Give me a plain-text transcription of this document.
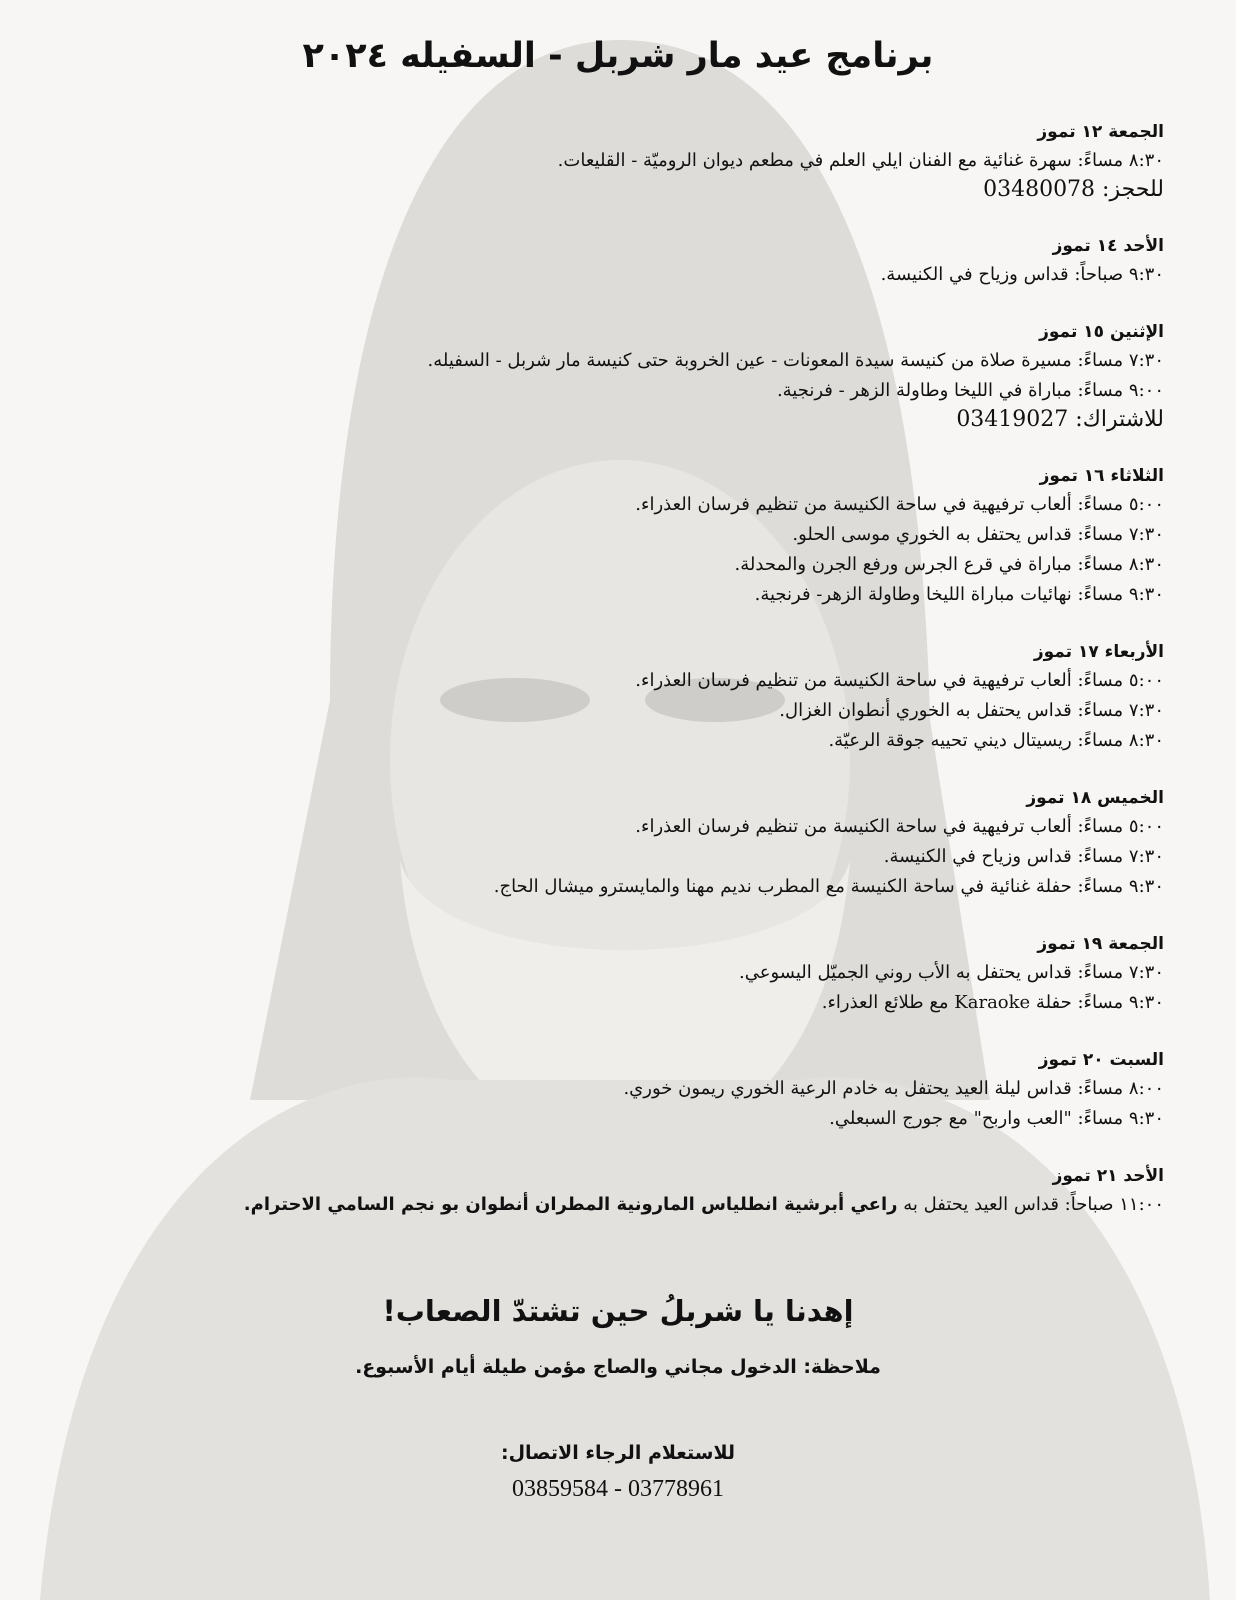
برنامج عيد مار شربل - السفيله ٢٠٢٤
الجمعة ١٢ تموز
٨:٣٠ مساءً: سهرة غنائية مع الفنان ايلي العلم في مطعم ديوان الروميّة - القليعات.
للحجز: 03480078
الأحد ١٤ تموز
٩:٣٠ صباحاً: قداس وزياح في الكنيسة.
الإثنين ١٥ تموز
٧:٣٠ مساءً: مسيرة صلاة من كنيسة سيدة المعونات - عين الخروبة حتى كنيسة مار شربل - السفيله.
٩:٠٠ مساءً: مباراة في الليخا وطاولة الزهر - فرنجية.
للاشتراك: 03419027
الثلاثاء ١٦ تموز
٥:٠٠ مساءً: ألعاب ترفيهية في ساحة الكنيسة من تنظيم فرسان العذراء.
٧:٣٠ مساءً: قداس يحتفل به الخوري موسى الحلو.
٨:٣٠ مساءً: مباراة في قرع الجرس ورفع الجرن والمحدلة.
٩:٣٠ مساءً: نهائيات مباراة الليخا وطاولة الزهر- فرنجية.
الأربعاء ١٧ تموز
٥:٠٠ مساءً: ألعاب ترفيهية في ساحة الكنيسة من تنظيم فرسان العذراء.
٧:٣٠ مساءً: قداس يحتفل به الخوري أنطوان الغزال.
٨:٣٠ مساءً: ريسيتال ديني تحييه جوقة الرعيّة.
الخميس ١٨ تموز
٥:٠٠ مساءً: ألعاب ترفيهية في ساحة الكنيسة من تنظيم فرسان العذراء.
٧:٣٠ مساءً: قداس وزياح في الكنيسة.
٩:٣٠ مساءً: حفلة غنائية في ساحة الكنيسة مع المطرب نديم مهنا والمايسترو ميشال الحاج.
الجمعة ١٩ تموز
٧:٣٠ مساءً: قداس يحتفل به الأب روني الجميّل اليسوعي.
٩:٣٠ مساءً: حفلة Karaoke مع طلائع العذراء.
السبت ٢٠ تموز
٨:٠٠ مساءً: قداس ليلة العيد يحتفل به خادم الرعية الخوري ريمون خوري.
٩:٣٠ مساءً: "العب واربح" مع جورج السبعلي.
الأحد ٢١ تموز
١١:٠٠ صباحاً: قداس العيد يحتفل به راعي أبرشية انطلياس المارونية المطران أنطوان بو نجم السامي الاحترام.
إهدنا يا شربلُ حين تشتدّ الصعاب!
ملاحظة: الدخول مجاني والصاج مؤمن طيلة أيام الأسبوع.
للاستعلام الرجاء الاتصال:
03859584 - 03778961
